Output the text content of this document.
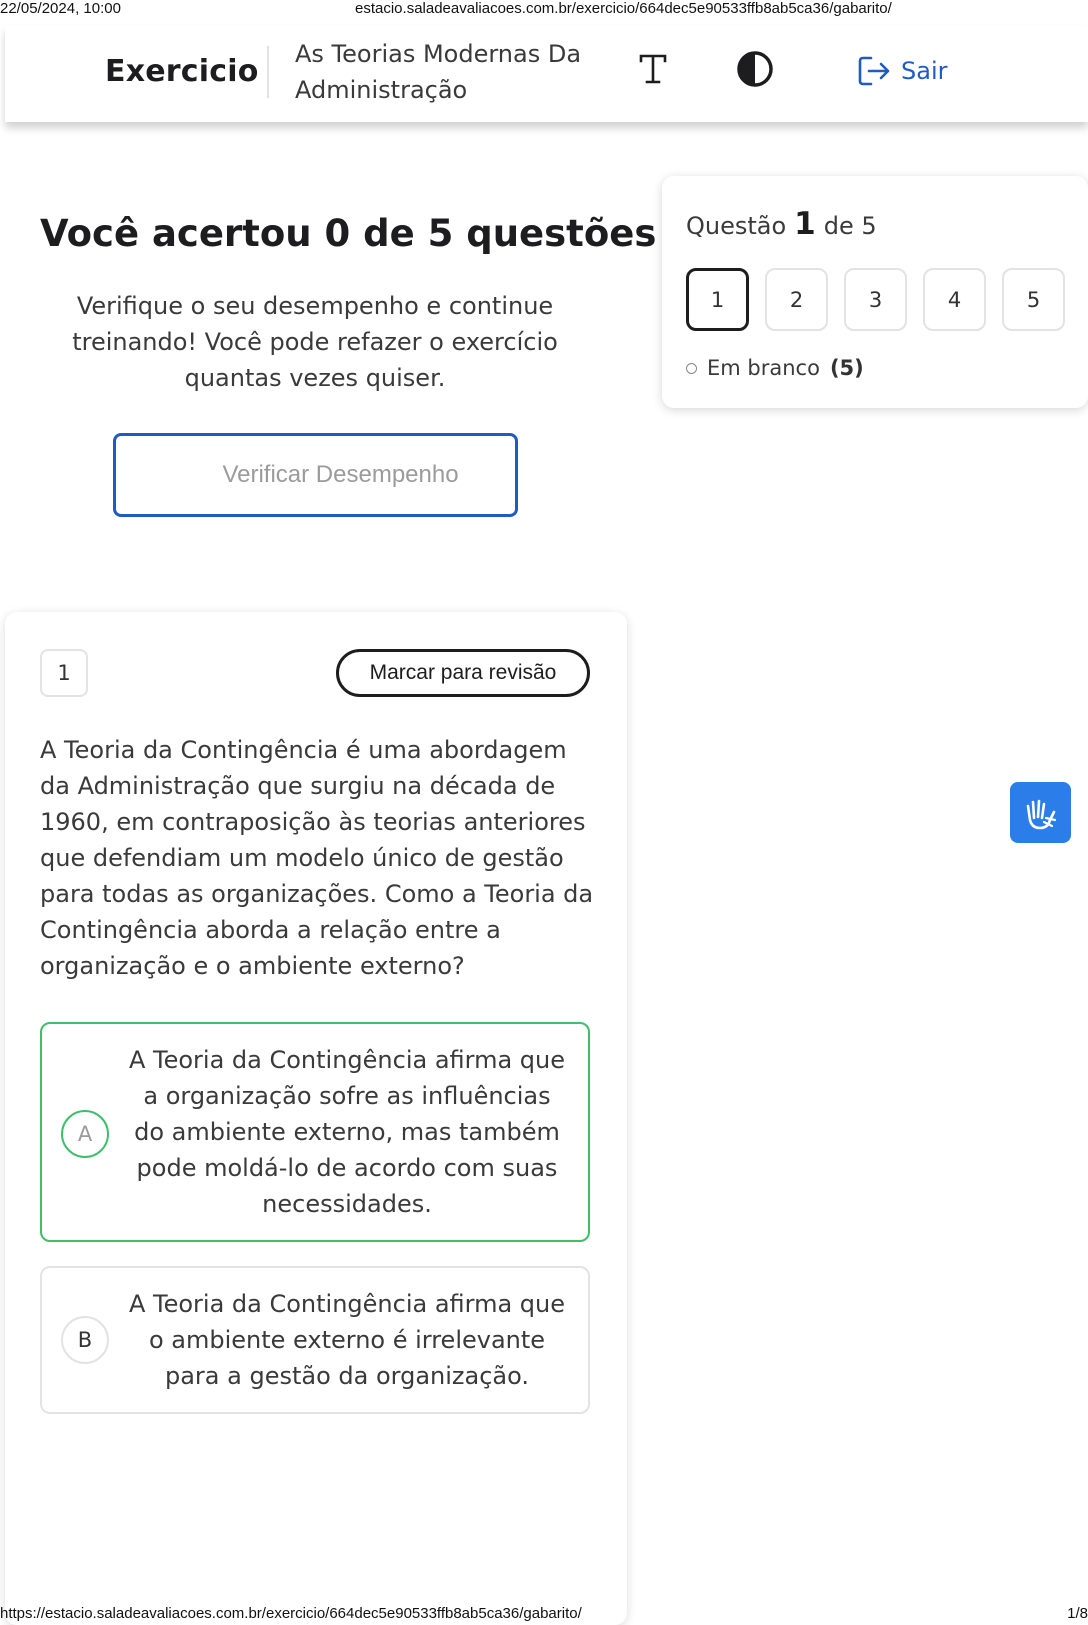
22/05/2024, 10:00	estacio.saladeavaliacoes.com.br/exercicio/664dec5e90533ffb8ab5ca36/gabarito/
Exercicio As Teorias Modernas Da
Administração
Sair
Você acertou 0 de 5 questões

Verifique o seu desempenho e continue treinando! Você pode refazer o exercício quantas vezes quiser.

Verificar Desempenho
Questão 1 de 5
1	2	3	4	5
Em branco (5)
1	Marcar para revisão

A Teoria da Contingência é uma abordagem da Administração que surgiu na década de 1960, em contraposição às teorias anteriores que defendiam um modelo único de gestão para todas as organizações. Como a Teoria da Contingência aborda a relação entre a organização e o ambiente externo?

A
A Teoria da Contingência afirma que a organização sofre as influências do ambiente externo, mas também pode moldá-lo de acordo com suas necessidades.
B
A Teoria da Contingência afirma que o ambiente externo é irrelevante para a gestão da organização.
https://estacio.saladeavaliacoes.com.br/exercicio/664dec5e90533ffb8ab5ca36/gabarito/	1/8
